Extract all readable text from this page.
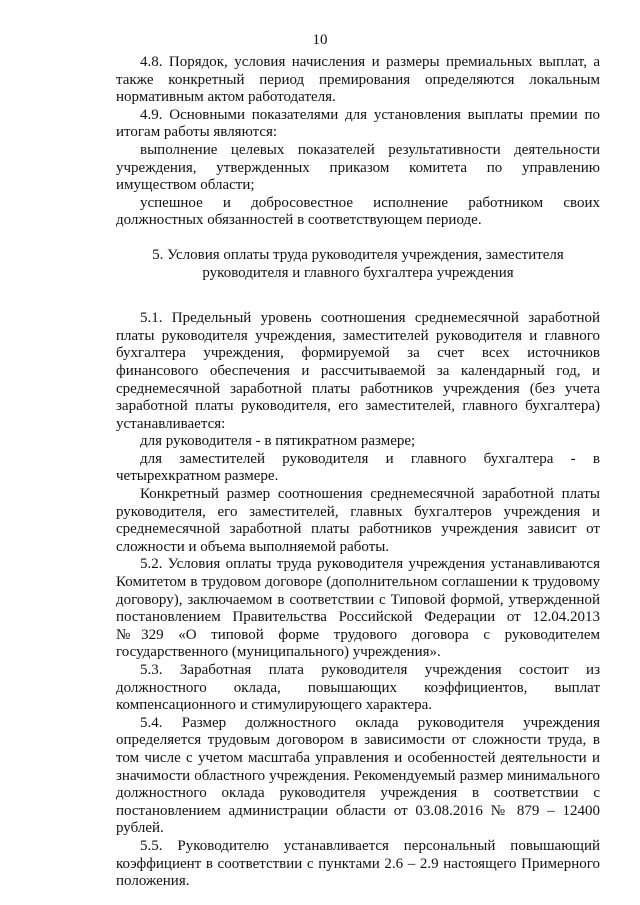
10

4.8. Порядок, условия начисления и размеры премиальных выплат, а также конкретный период премирования определяются локальным нормативным актом работодателя.

4.9. Основными показателями для установления выплаты премии по итогам работы являются:

выполнение целевых показателей результативности деятельности учреждения, утвержденных приказом комитета по управлению имуществом области;

успешное и добросовестное исполнение работником своих должностных обязанностей в соответствующем периоде.

5. Условия оплаты труда руководителя учреждения, заместителя руководителя и главного бухгалтера учреждения

5.1. Предельный уровень соотношения среднемесячной заработной платы руководителя учреждения, заместителей руководителя и главного бухгалтера учреждения, формируемой за счет всех источников финансового обеспечения и рассчитываемой за календарный год, и среднемесячной заработной платы работников учреждения (без учета заработной платы руководителя, его заместителей, главного бухгалтера) устанавливается:

для руководителя - в пятикратном размере;

для заместителей руководителя и главного бухгалтера - в четырехкратном размере.

Конкретный размер соотношения среднемесячной заработной платы руководителя, его заместителей, главных бухгалтеров учреждения и среднемесячной заработной платы работников учреждения зависит от сложности и объема выполняемой работы.

5.2. Условия оплаты труда руководителя учреждения устанавливаются Комитетом в трудовом договоре (дополнительном соглашении к трудовому договору), заключаемом в соответствии с Типовой формой, утвержденной постановлением Правительства Российской Федерации от 12.04.2013 №329 «О типовой форме трудового договора с руководителем государственного (муниципального) учреждения».

5.3. Заработная плата руководителя учреждения состоит из должностного оклада, повышающих коэффициентов, выплат компенсационного и стимулирующего характера.

5.4. Размер должностного оклада руководителя учреждения определяется трудовым договором в зависимости от сложности труда, в том числе с учетом масштаба управления и особенностей деятельности и значимости областного учреждения. Рекомендуемый размер минимального должностного оклада руководителя учреждения в соответствии с постановлением администрации области от 03.08.2016 № 879 – 12400 рублей.

5.5. Руководителю устанавливается персональный повышающий коэффициент в соответствии с пунктами 2.6 – 2.9 настоящего Примерного положения.
